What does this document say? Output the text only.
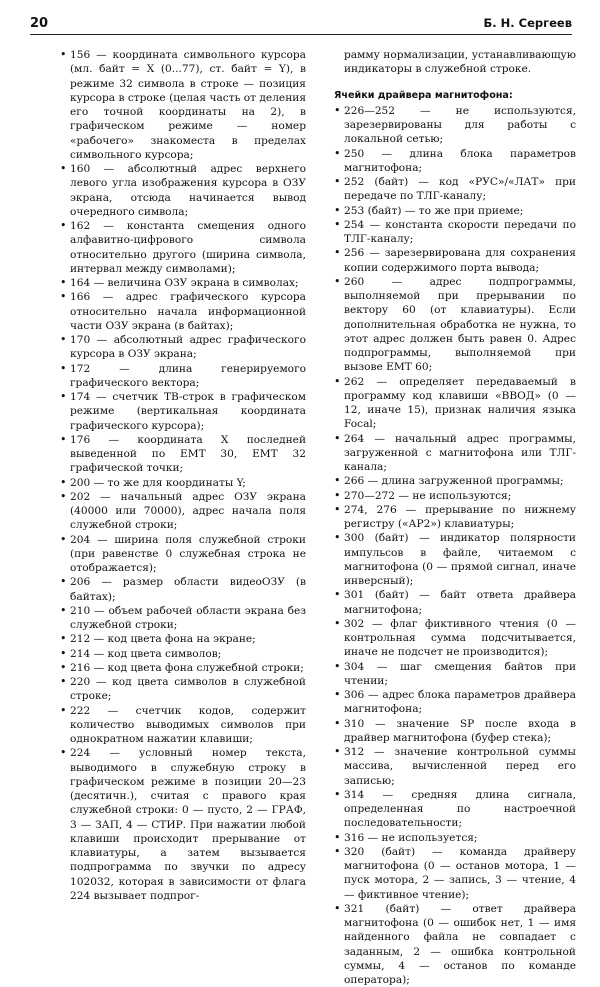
20	Б. Н. Сергеев
• 156 — координата символьного курсора (мл. байт = X (0...77), ст. байт = Y), в режиме 32 символа в строке — позиция курсора в строке (целая часть от деления его точной координаты на 2), в графическом режиме — номер «рабочего» знакоместа в пределах символьного курсора;
• 160 — абсолютный адрес верхнего левого угла изображения курсора в ОЗУ экрана, отсюда начинается вывод очередного символа;
• 162 — константа смещения одного алфавитно-цифрового символа относительно другого (ширина символа, интервал между символами);
• 164 — величина ОЗУ экрана в символах;
• 166 — адрес графического курсора относительно начала информационной части ОЗУ экрана (в байтах);
• 170 — абсолютный адрес графического курсора в ОЗУ экрана;
• 172 — длина генерируемого графического вектора;
• 174 — счетчик ТВ-строк в графическом режиме (вертикальная координата графического курсора);
• 176 — координата X последней выведенной по EMT 30, EMT 32 графической точки;
• 200 — то же для координаты Y;
• 202 — начальный адрес ОЗУ экрана (40000 или 70000), адрес начала поля служебной строки;
• 204 — ширина поля служебной строки (при равенстве 0 служебная строка не отображается);
• 206 — размер области видеоОЗУ (в байтах);
• 210 — объем рабочей области экрана без служебной строки;
• 212 — код цвета фона на экране;
• 214 — код цвета символов;
• 216 — код цвета фона служебной строки;
• 220 — код цвета символов в служебной строке;
• 222 — счетчик кодов, содержит количество выводимых символов при однократном нажатии клавиши;
• 224 — условный номер текста, выводимого в служебную строку в графическом режиме в позиции 20—23 (десятичн.), считая с правого края служебной строки: 0 — пусто, 2 — ГРАФ, 3 — ЗАП, 4 — СТИР. При нажатии любой клавиши происходит прерывание от клавиатуры, а затем вызывается подпрограмма по звучки по адресу 102032, которая в зависимости от флага 224 вызывает подпрог-
рамму нормализации, устанавливающую индикаторы в служебной строке.
Ячейки драйвера магнитофона:
• 226—252 — не используются, зарезервированы для работы с локальной сетью;
• 250 — длина блока параметров магнитофона;
• 252 (байт) — код «РУС»/«ЛАТ» при передаче по ТЛГ-каналу;
• 253 (байт) — то же при приеме;
• 254 — константа скорости передачи по ТЛГ-каналу;
• 256 — зарезервирована для сохранения копии содержимого порта вывода;
• 260 — адрес подпрограммы, выполняемой при прерывании по вектору 60 (от клавиатуры). Если дополнительная обработка не нужна, то этот адрес должен быть равен 0. Адрес подпрограммы, выполняемой при вызове EMT 60;
• 262 — определяет передаваемый в программу код клавиши «ВВОД» (0 — 12, иначе 15), признак наличия языка Focal;
• 264 — начальный адрес программы, загруженной с магнитофона или ТЛГ-канала;
• 266 — длина загруженной программы;
• 270—272 — не используются;
• 274, 276 — прерывание по нижнему регистру («АР2») клавиатуры;
• 300 (байт) — индикатор полярности импульсов в файле, читаемом с магнитофона (0 — прямой сигнал, иначе инверсный);
• 301 (байт) — байт ответа драйвера магнитофона;
• 302 — флаг фиктивного чтения (0 — контрольная сумма подсчитывается, иначе не подсчет не производится);
• 304 — шаг смещения байтов при чтении;
• 306 — адрес блока параметров драйвера магнитофона;
• 310 — значение SP после входа в драйвер магнитофона (буфер стека);
• 312 — значение контрольной суммы массива, вычисленной перед его записью;
• 314 — средняя длина сигнала, определенная по настроечной последовательности;
• 316 — не используется;
• 320 (байт) — команда драйверу магнитофона (0 — останов мотора, 1 — пуск мотора, 2 — запись, 3 — чтение, 4 — фиктивное чтение);
• 321 (байт) — ответ драйвера магнитофона (0 — ошибок нет, 1 — имя найденного файла не совпадает с заданным, 2 — ошибка контрольной суммы, 4 — останов по команде оператора);
